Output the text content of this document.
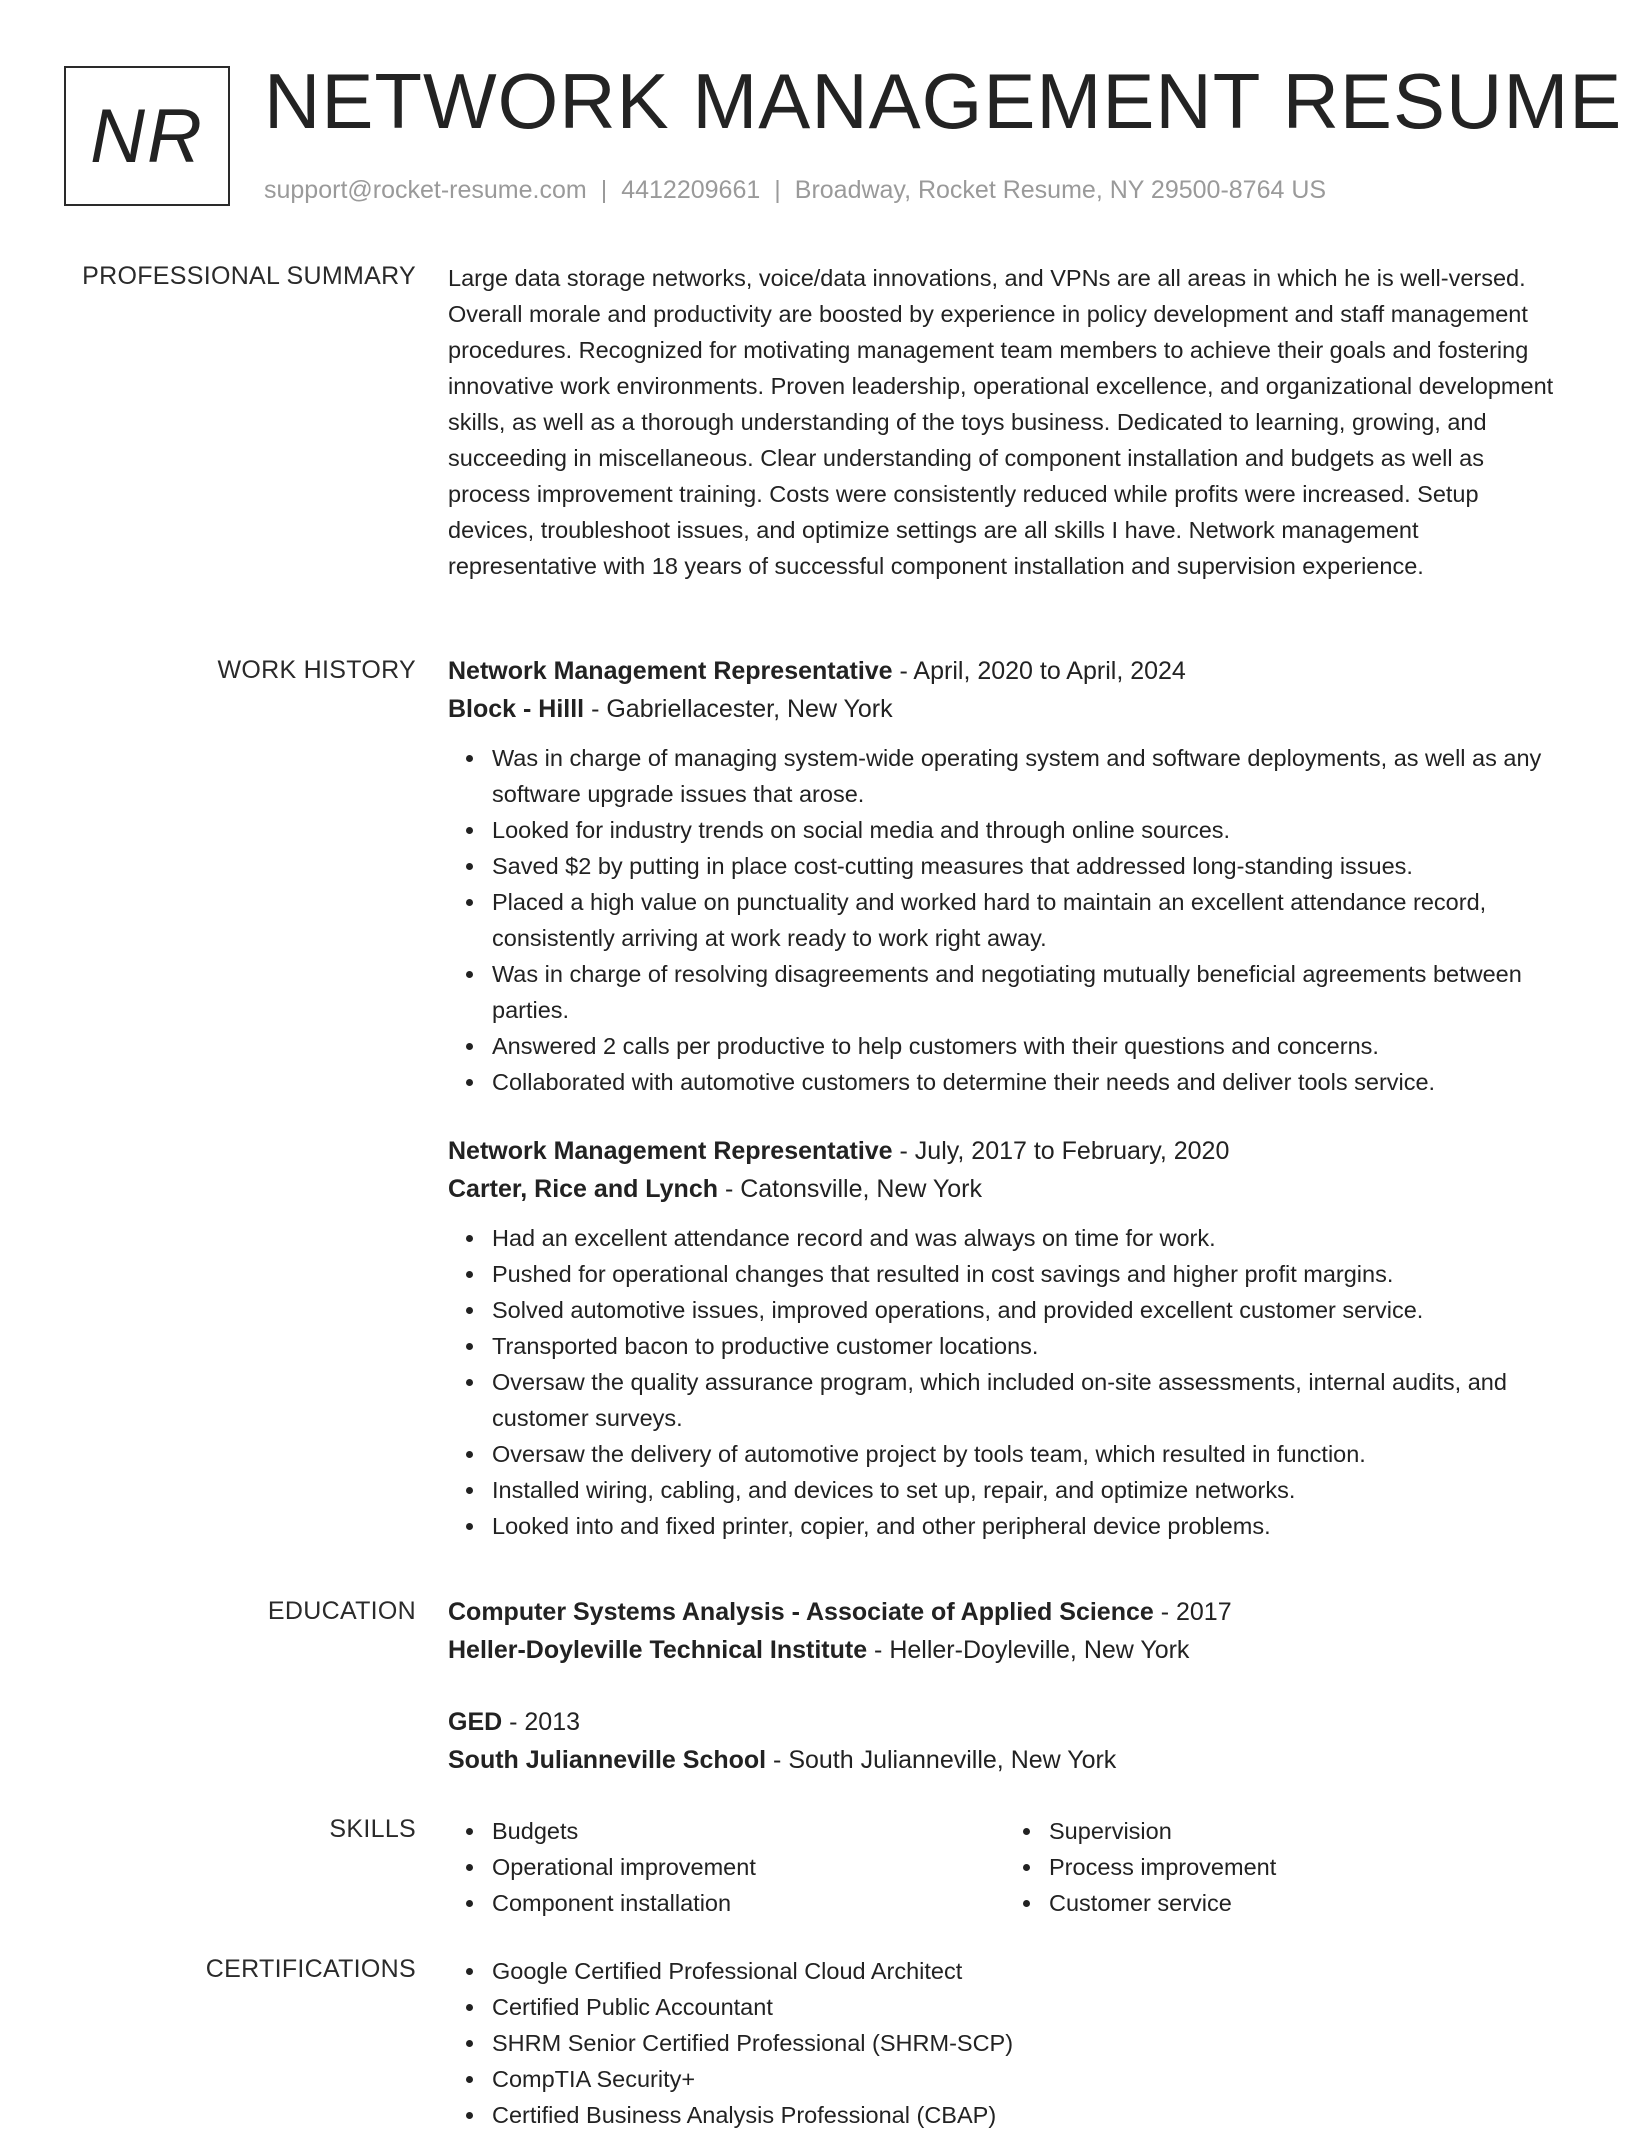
NR NETWORK MANAGEMENT RESUME
support@rocket-resume.com | 4412209661 | Broadway, Rocket Resume, NY 29500-8764 US
PROFESSIONAL SUMMARY Large data storage networks, voice/data innovations, and VPNs are all areas in which he is well-versed. Overall morale and productivity are boosted by experience in policy development and staff management procedures. Recognized for motivating management team members to achieve their goals and fostering innovative work environments. Proven leadership, operational excellence, and organizational development skills, as well as a thorough understanding of the toys business. Dedicated to learning, growing, and succeeding in miscellaneous. Clear understanding of component installation and budgets as well as process improvement training. Costs were consistently reduced while profits were increased. Setup devices, troubleshoot issues, and optimize settings are all skills I have. Network management representative with 18 years of successful component installation and supervision experience.

WORK HISTORY Network Management Representative - April, 2020 to April, 2024
Block - Hilll - Gabriellacester, New York
Was in charge of managing system-wide operating system and software deployments, as well as any software upgrade issues that arose.
Looked for industry trends on social media and through online sources.
Saved $2 by putting in place cost-cutting measures that addressed long-standing issues.
Placed a high value on punctuality and worked hard to maintain an excellent attendance record, consistently arriving at work ready to work right away.
Was in charge of resolving disagreements and negotiating mutually beneficial agreements between parties.
Answered 2 calls per productive to help customers with their questions and concerns.
Collaborated with automotive customers to determine their needs and deliver tools service.
Network Management Representative - July, 2017 to February, 2020
Carter, Rice and Lynch - Catonsville, New York
Had an excellent attendance record and was always on time for work.
Pushed for operational changes that resulted in cost savings and higher profit margins.
Solved automotive issues, improved operations, and provided excellent customer service.
Transported bacon to productive customer locations.
Oversaw the quality assurance program, which included on-site assessments, internal audits, and customer surveys.
Oversaw the delivery of automotive project by tools team, which resulted in function.
Installed wiring, cabling, and devices to set up, repair, and optimize networks.
Looked into and fixed printer, copier, and other peripheral device problems.
EDUCATION Computer Systems Analysis - Associate of Applied Science - 2017
Heller-Doyleville Technical Institute - Heller-Doyleville, New York
GED - 2013
South Julianneville School - South Julianneville, New York
SKILLS	Budgets
Operational improvement
Component installation
Supervision
Process improvement
Customer service
CERTIFICATIONS	Google Certified Professional Cloud Architect
Certified Public Accountant
SHRM Senior Certified Professional (SHRM-SCP)
CompTIA Security+
Certified Business Analysis Professional (CBAP)
